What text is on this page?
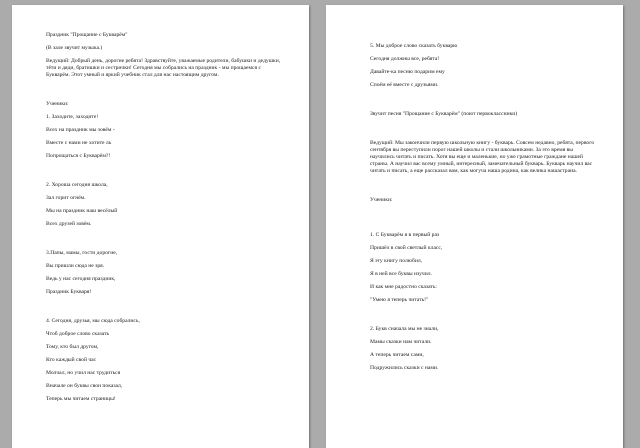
Праздник "Прощание с Букварём"

(В зале звучит музыка.)

Ведущий: Добрый день, дорогие ребята! Здравствуйте, уважаемые родители, бабушки и дедушки, тёти и дяди, братишки и сестрички! Сегодня мы собрались на праздник - мы прощаемся с Букварём. Этот умный и яркий учебник стал для нас настоящим другом.

Ученики:

1. Заходите, заходите!

Всех на праздник мы зовём -

Вместе с нами не хотите ль

Попрощаться с Букварём?!

2. Хороша сегодня школа,

Зал горит огнём.

Мы на праздник наш весёлый

Всех друзей зовём.

3.Папы, мамы, гости дорогие,

Вы пришли сюда не зря.

Ведь у нас сегодня праздник,

Праздник Букваря!

4. Сегодня, друзья, мы сюда собрались,

Чтоб доброе слово сказать

Тому, кто был другом,

Кто каждый свой час

Молчал, но учил нас трудиться

Вначале он буквы свои показал,

Теперь мы читаем страницы!

5. Мы доброе слово сказать букварю

Сегодня должны все, ребята!

Давайте-ка песню подарим ему

Споём её вместе с друзьями.

Звучит песня "Прощание с Букварём" (поют первоклассники)

Ведущий: Мы закончили первую школьную книгу - букварь. Совсем недавно, ребята, первого сентября вы переступили порог нашей школы и стали школьниками. За это время вы научились читать и писать. Хотя вы еще и маленькие, но уже грамотные граждане нашей страны. А научил вас всему умный, интересный, замечательный букварь. Букварь научил вас читать и писать, а еще рассказал вам, как могуча наша родина, как велика нашастрана.

Ученики:

1. С Букварём я в первый раз

Пришёл в свой светлый класс,

Я эту книгу полюбил,

Я в ней все буквы изучил.

И как мне радостно сказать:

"Умею я теперь читать!"

2. Букв сначала мы не знали,

Мамы сказки нам читали.

А теперь читаем сами,

Подружились сказки с нами.
